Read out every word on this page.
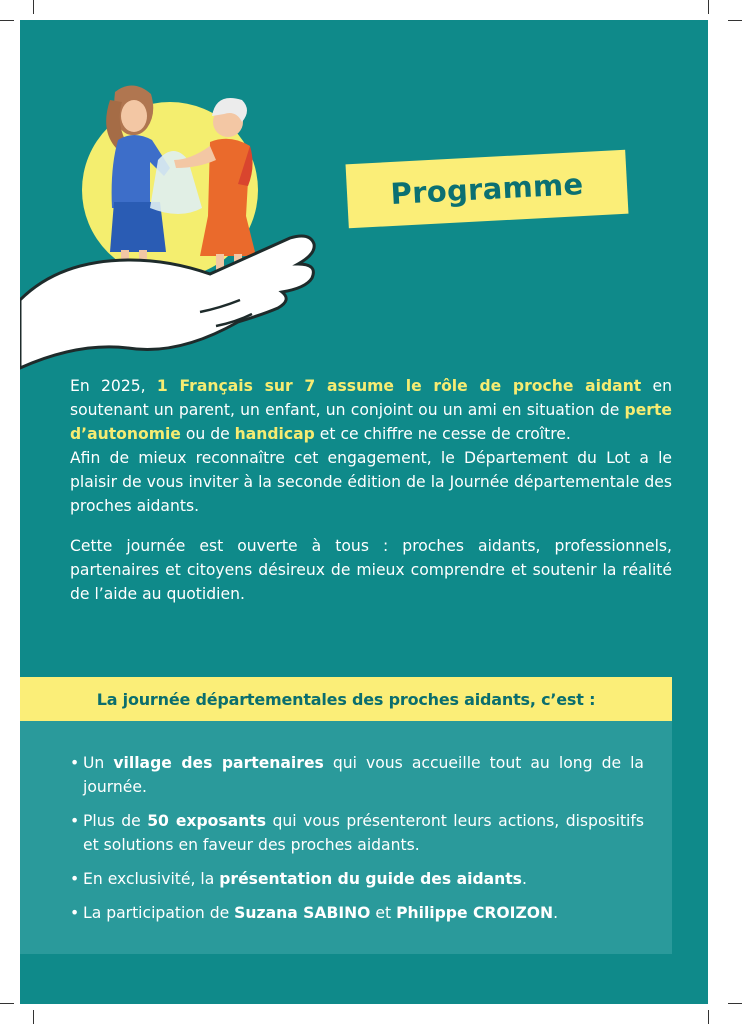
Programme

En 2025, 1 Français sur 7 assume le rôle de proche aidant en soutenant un parent, un enfant, un conjoint ou un ami en situation de perte d’autonomie ou de handicap et ce chiffre ne cesse de croître.

Afin de mieux reconnaître cet engagement, le Département du Lot a le plaisir de vous inviter à la seconde édition de la Journée départementale des proches aidants.

Cette journée est ouverte à tous : proches aidants, professionnels, partenaires et citoyens désireux de mieux comprendre et soutenir la réalité de l’aide au quotidien.

La journée départementales des proches aidants, c’est :
• Un village des partenaires qui vous accueille tout au long de la journée.
• Plus de 50 exposants qui vous présenteront leurs actions, dispositifs et solutions en faveur des proches aidants.
• En exclusivité, la présentation du guide des aidants.
• La participation de Suzana SABINO et Philippe CROIZON.
